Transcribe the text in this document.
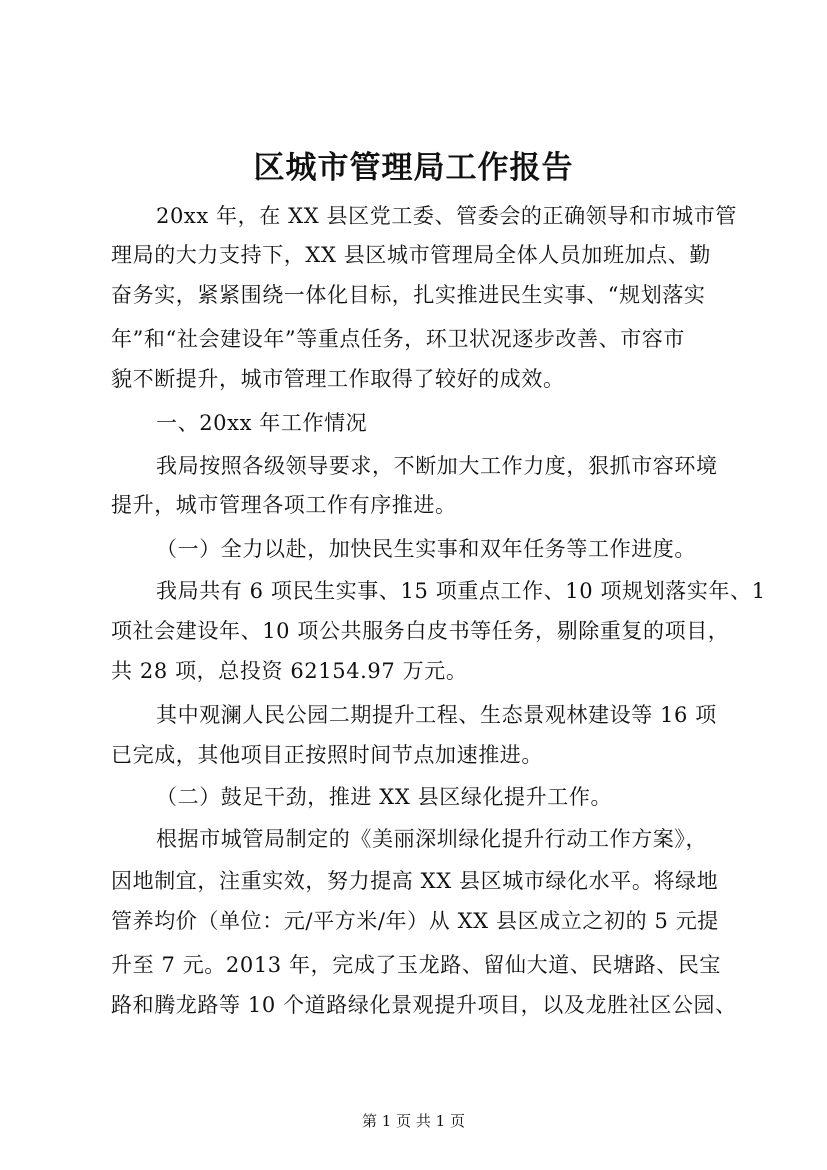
区城市管理局工作报告
20xx 年，在 XX 县区党工委、管委会的正确领导和市城市管
理局的大力支持下，XX 县区城市管理局全体人员加班加点、勤
奋务实，紧紧围绕一体化目标，扎实推进民生实事、“规划落实
年”和“社会建设年”等重点任务，环卫状况逐步改善、市容市
貌不断提升，城市管理工作取得了较好的成效。
一、20xx 年工作情况
我局按照各级领导要求，不断加大工作力度，狠抓市容环境
提升，城市管理各项工作有序推进。
（一）全力以赴，加快民生实事和双年任务等工作进度。
我局共有 6 项民生实事、15 项重点工作、10 项规划落实年、1
项社会建设年、10 项公共服务白皮书等任务，剔除重复的项目，
共 28 项，总投资 62154.97 万元。
其中观澜人民公园二期提升工程、生态景观林建设等 16 项
已完成，其他项目正按照时间节点加速推进。
（二）鼓足干劲，推进 XX 县区绿化提升工作。
根据市城管局制定的《美丽深圳绿化提升行动工作方案》，
因地制宜，注重实效，努力提高 XX 县区城市绿化水平。将绿地
管养均价（单位：元/平方米/年）从 XX 县区成立之初的 5 元提
升至 7 元。2013 年，完成了玉龙路、留仙大道、民塘路、民宝
路和腾龙路等 10 个道路绿化景观提升项目，以及龙胜社区公园、
第 1 页 共 1 页
